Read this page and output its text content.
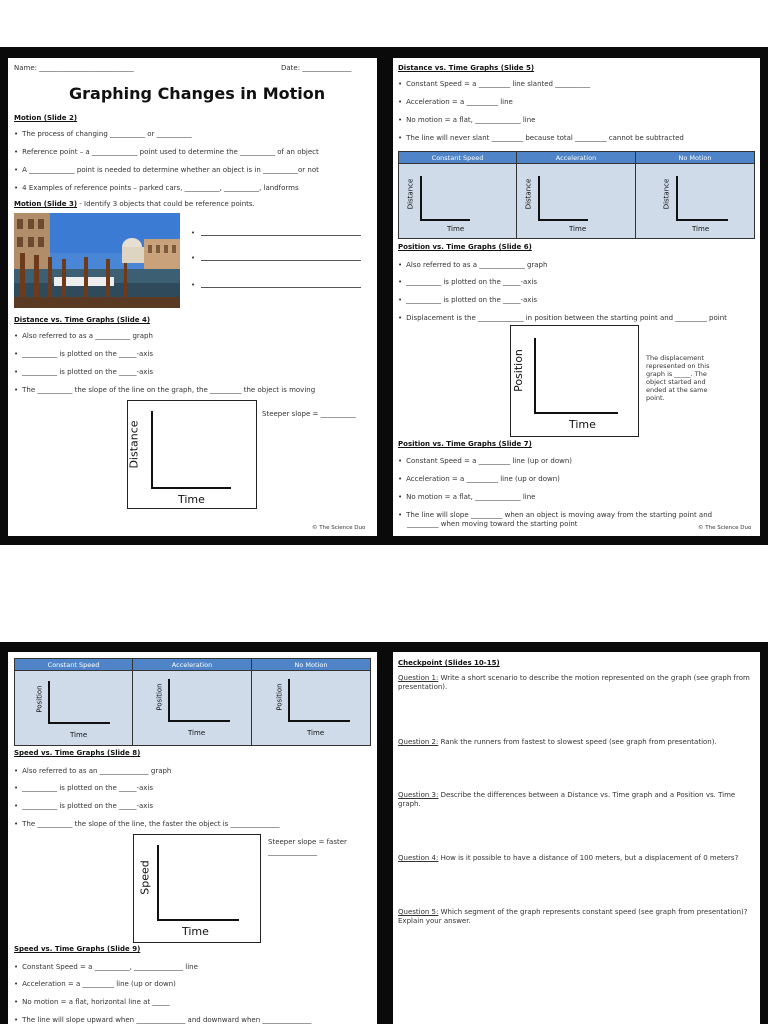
Name: ___________________________	Date: ______________
Graphing Changes in Motion
Motion (Slide 2)
• The process of changing __________ or __________
• Reference point – a _____________ point used to determine the __________ of an object
• A _____________ point is needed to determine whether an object is in __________or not
• 4 Examples of reference points – parked cars, __________, __________, landforms
Motion (Slide 3) - Identify 3 objects that could be reference points.
•
•
•
Distance vs. Time Graphs (Slide 4)
• Also referred to as a __________ graph
• __________ is plotted on the _____-axis
• __________ is plotted on the _____-axis
• The __________ the slope of the line on the graph, the _________ the object is moving
Distance
Time
Steeper slope = __________
© The Science Duo
Distance vs. Time Graphs (Slide 5)
• Constant Speed = a _________ line slanted __________
• Acceleration = a _________ line
• No motion = a flat, _____________ line
• The line will never slant _________ because total _________ cannot be subtracted
Constant Speed	Acceleration	No Motion
Distance
Time
Distance
Time
Distance
Time
Position vs. Time Graphs (Slide 6)
• Also referred to as a _____________ graph
• __________ is plotted on the _____-axis
• __________ is plotted on the _____-axis
• Displacement is the _____________ in position between the starting point and _________ point
Position
Time
The displacement represented on this graph is _____. The object started and ended at the same point.
Position vs. Time Graphs (Slide 7)
• Constant Speed = a _________ line (up or down)
• Acceleration = a _________ line (up or down)
• No motion = a flat, _____________ line
• The line will slope _________ when an object is moving away from the starting point and
_________ when moving toward the starting point	© The Science Duo
Constant Speed	Acceleration	No Motion
Position
Time
Position
Time
Position
Time
Speed vs. Time Graphs (Slide 8)
• Also referred to as an ______________ graph
• __________ is plotted on the _____-axis
• __________ is plotted on the _____-axis
• The __________ the slope of the line, the faster the object is ______________
Speed
Time
Steeper slope = faster
______________
Speed vs. Time Graphs (Slide 9)
• Constant Speed = a __________, ______________ line
• Acceleration = a _________ line (up or down)
• No motion = a flat, horizontal line at _____
• The line will slope upward when ______________ and downward when ______________
Checkpoint (Slides 10-15)
Question 1: Write a short scenario to describe the motion represented on the graph (see graph from presentation).
Question 2: Rank the runners from fastest to slowest speed (see graph from presentation).
Question 3: Describe the differences between a Distance vs. Time graph and a Position vs. Time graph.
Question 4: How is it possible to have a distance of 100 meters, but a displacement of 0 meters?
Question 5: Which segment of the graph represents constant speed (see graph from presentation)? Explain your answer.
